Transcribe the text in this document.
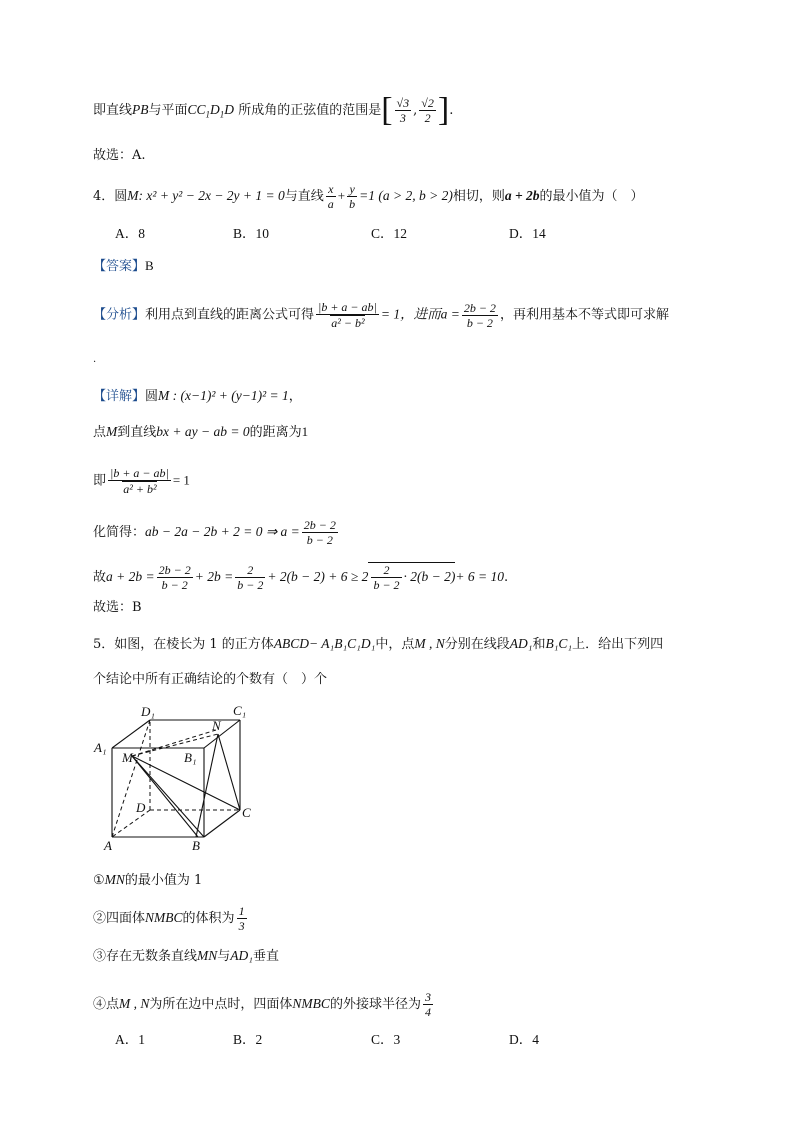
即直线PB与平面$CC_1D_1D$ 所成角的正弦值的范围是[ $\frac{√3}{3}$ , $\frac{√2}{2}$ ].
故选：A.
4．圆M: x² + y² − 2x − 2y + 1 = 0与直线 $\frac{x}{a} + \frac{y}{b} =1$ (a > 2, b > 2)相切，则a + 2b的最小值为（　）
A．8	B．10	C．12	D．14
【答案】B
【分析】利用点到直线的距离公式可得 $\frac{|b + a - ab|}{\text{a² − b²}} = 1$，进而$a = \frac{2b - 2}{b - 2}$ ，再利用基本不等式即可求解
.
【详解】圆M : (x−1)² + (y−1)² = 1，
点M到直线bx + ay − ab = 0的距离为1
即 $\frac{|b + a - ab|}{\text{a² + b²}} = 1$
化简得：ab − 2a − 2b + 2 = 0 ⇒ $a = \frac{2b - 2}{b - 2}$
故$a + 2b = \frac{2b - 2}{b - 2} + 2b = \frac{2}{b - 2} + 2(b - 2) + 6 \ge 2 \frac{2}{b - 2} \cdot 2(b - 2)+ 6 = 10$.
故选：B
5．如图，在棱长为 1 的正方体ABCD− A₁B₁C₁D₁中，点M , N分别在线段AD₁和B₁C₁上．给出下列四
个结论中所有正确结论的个数有（　）个
D₁	C₁
A₁
N
M	B₁
D	C
A	B
①MN的最小值为 1
②四面体NMBC的体积为 $\frac{1}{3}$
③存在无数条直线MN与AD₁垂直
④点M , N为所在边中点时，四面体NMBC的外接球半径为 $\frac{3}{4}$
A．1	B．2	C．3	D．4
